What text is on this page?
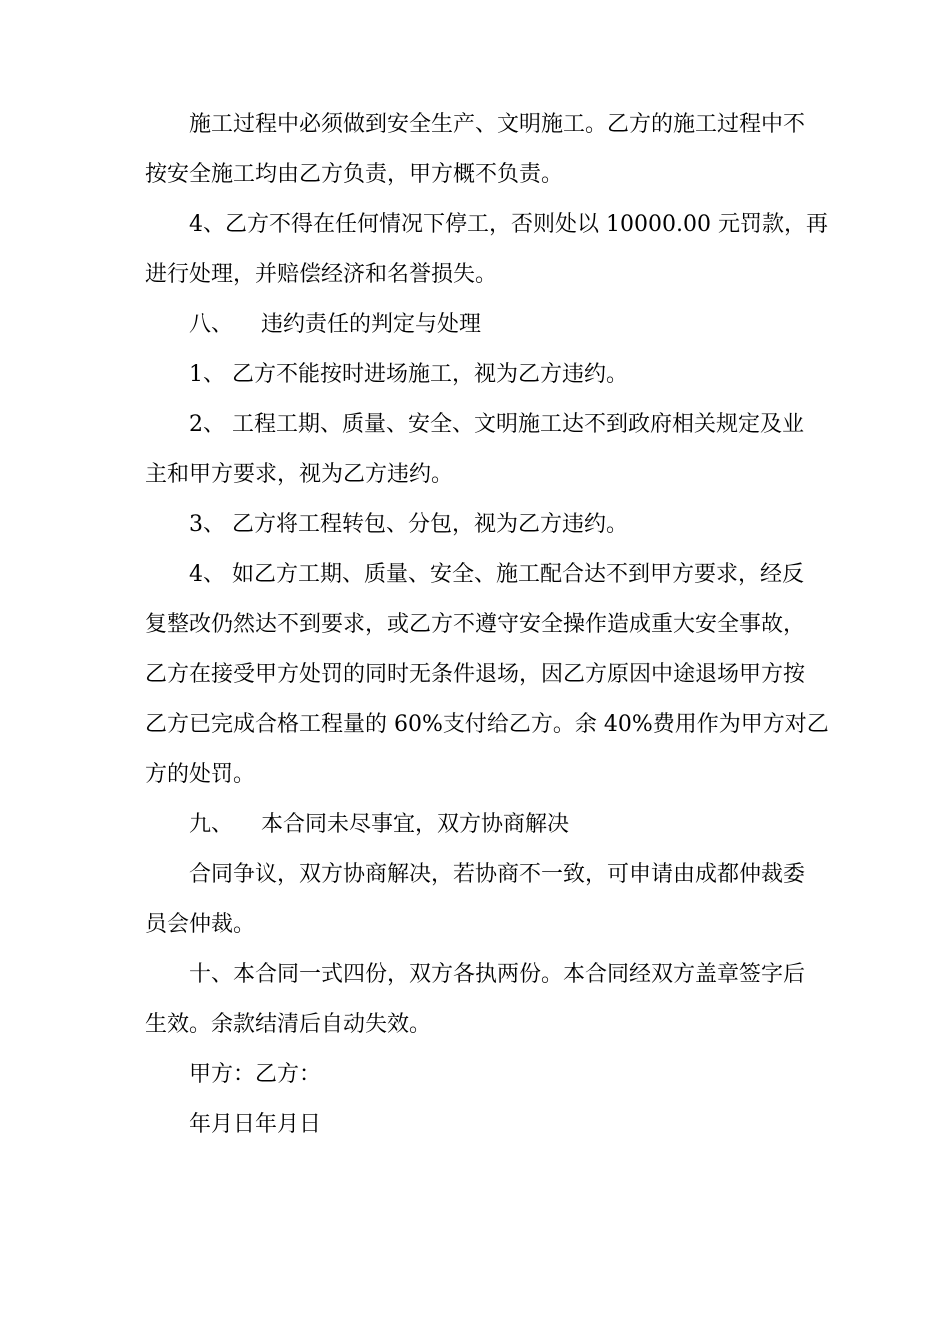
施工过程中必须做到安全生产、文明施工。乙方的施工过程中不
按安全施工均由乙方负责，甲方概不负责。
4、乙方不得在任何情况下停工，否则处以 10000.00 元罚款，再
进行处理，并赔偿经济和名誉损失。
八、 违约责任的判定与处理
1、 乙方不能按时进场施工，视为乙方违约。
2、 工程工期、质量、安全、文明施工达不到政府相关规定及业
主和甲方要求，视为乙方违约。
3、 乙方将工程转包、分包，视为乙方违约。
4、 如乙方工期、质量、安全、施工配合达不到甲方要求，经反
复整改仍然达不到要求，或乙方不遵守安全操作造成重大安全事故，
乙方在接受甲方处罚的同时无条件退场，因乙方原因中途退场甲方按
乙方已完成合格工程量的 60%支付给乙方。余 40%费用作为甲方对乙
方的处罚。
九、 本合同未尽事宜，双方协商解决
合同争议，双方协商解决，若协商不一致，可申请由成都仲裁委
员会仲裁。
十、本合同一式四份，双方各执两份。本合同经双方盖章签字后
生效。余款结清后自动失效。
甲方：乙方：
年月日年月日
